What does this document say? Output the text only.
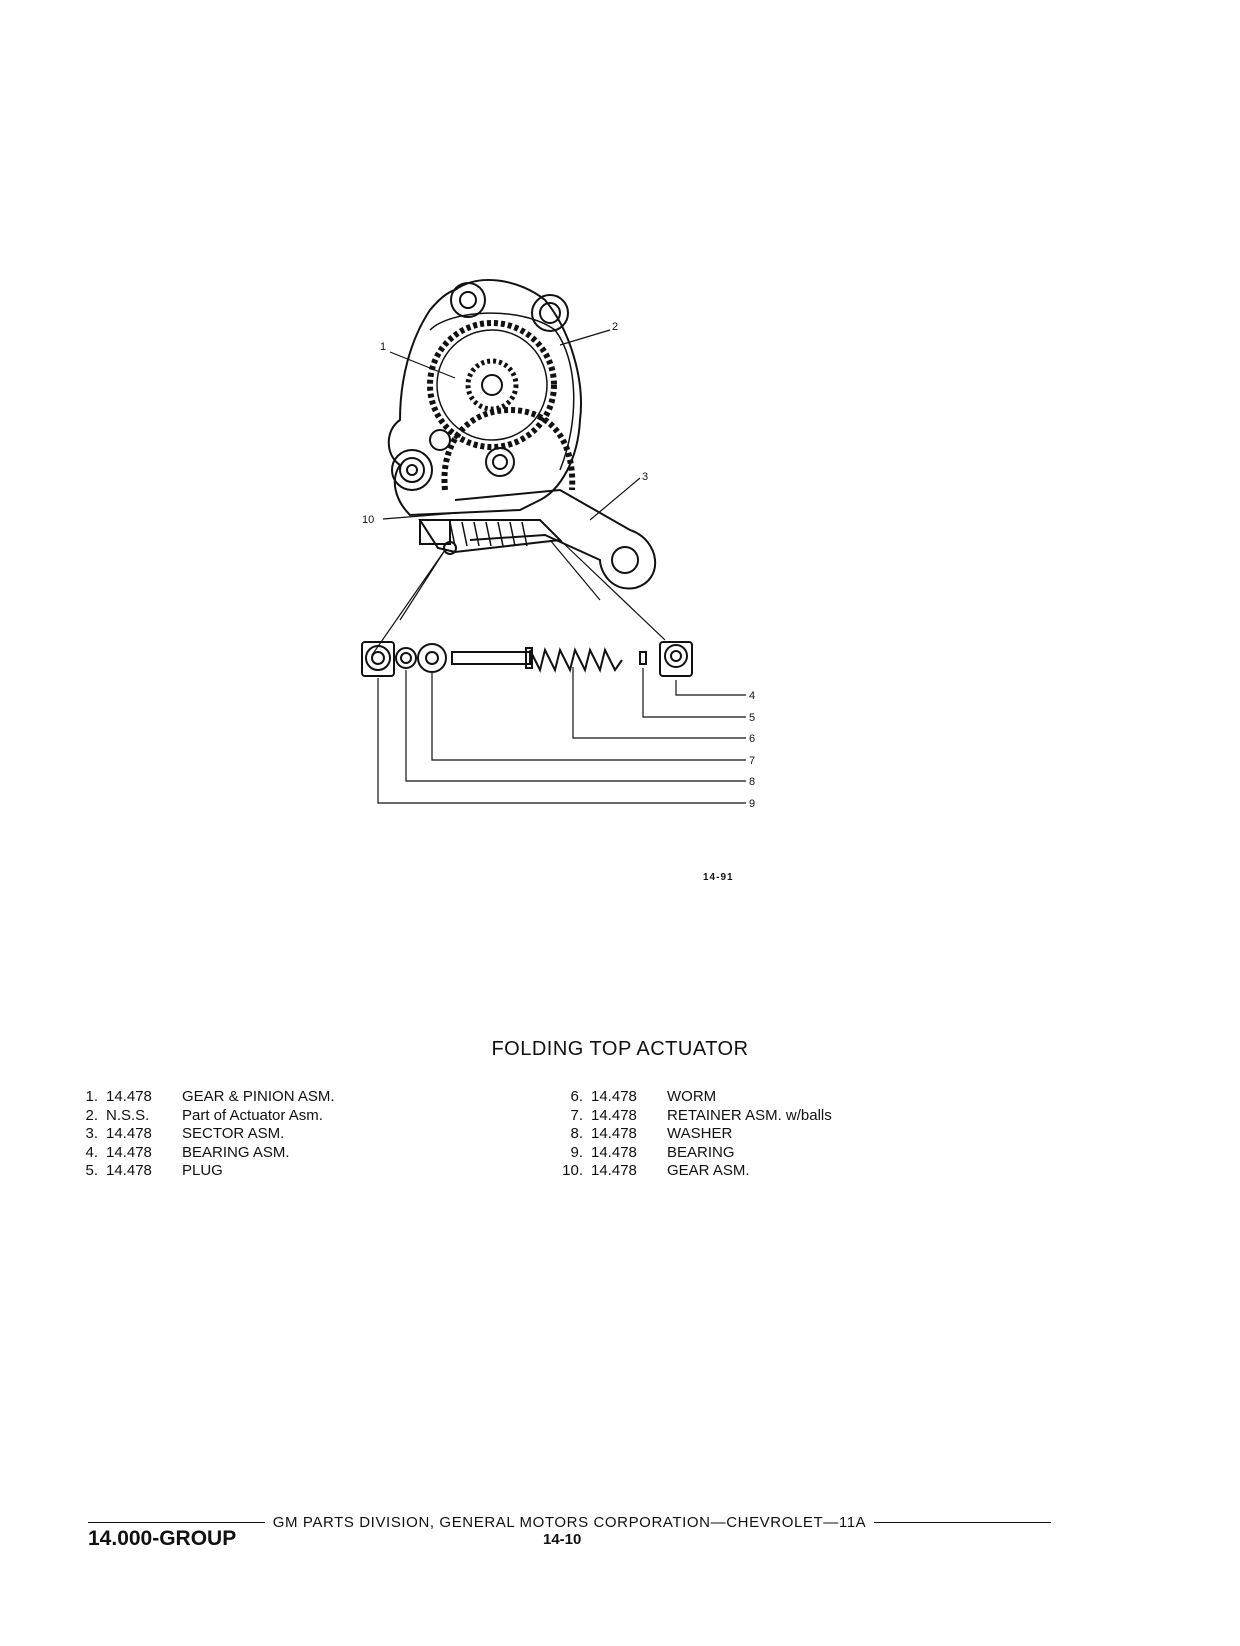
1
2
3
10
4
5
6
7
8
9
14-91
FOLDING TOP ACTUATOR
1. 14.478	GEAR & PINION ASM.
2. N.S.S.	Part of Actuator Asm.
3. 14.478	SECTOR ASM.
4. 14.478	BEARING ASM.
5. 14.478	PLUG
6. 14.478	WORM
7. 14.478	RETAINER ASM. w/balls
8. 14.478	WASHER
9. 14.478	BEARING
10. 14.478	GEAR ASM.
GM PARTS DIVISION, GENERAL MOTORS CORPORATION—CHEVROLET—11A
14.000-GROUP	14-10
